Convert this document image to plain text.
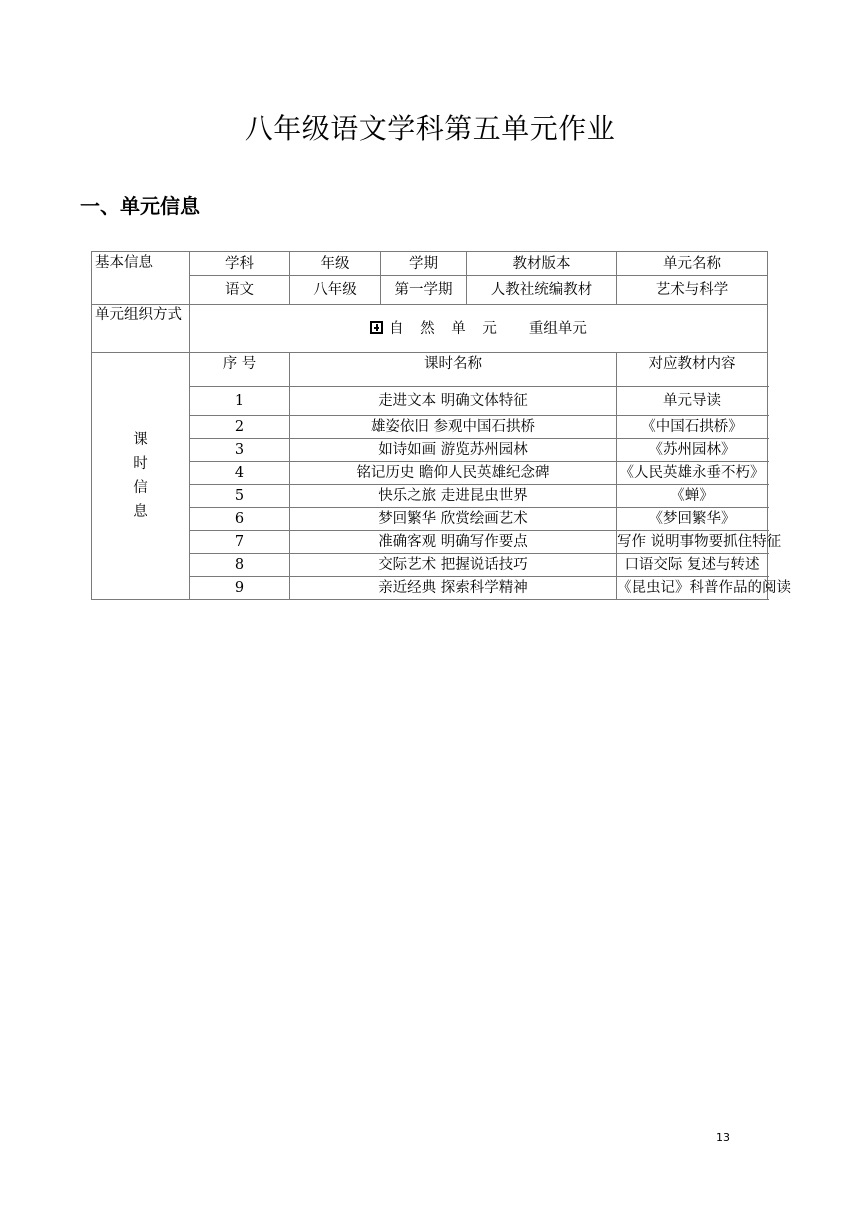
八年级语文学科第五单元作业
一、单元信息
基本信息	学科	年级	学期	教材版本	单元名称
	语文	八年级	第一学期	人教社统编教材	艺术与科学
单元组织方式	自 然 单 元 重组单元				

课
时
信
息	序 号	课时名称			对应教材内容
	1	走进文本 明确文体特征			单元导读
	2	雄姿依旧 参观中国石拱桥			《中国石拱桥》
	3	如诗如画 游览苏州园林			《苏州园林》
	4	铭记历史 瞻仰人民英雄纪念碑			《人民英雄永垂不朽》
	5	快乐之旅 走进昆虫世界			《蝉》
	6	梦回繁华 欣赏绘画艺术			《梦回繁华》
	7	准确客观 明确写作要点			写作 说明事物要抓住特征
	8	交际艺术 把握说话技巧			口语交际 复述与转述
	9	亲近经典 探索科学精神			《昆虫记》科普作品的阅读
13
